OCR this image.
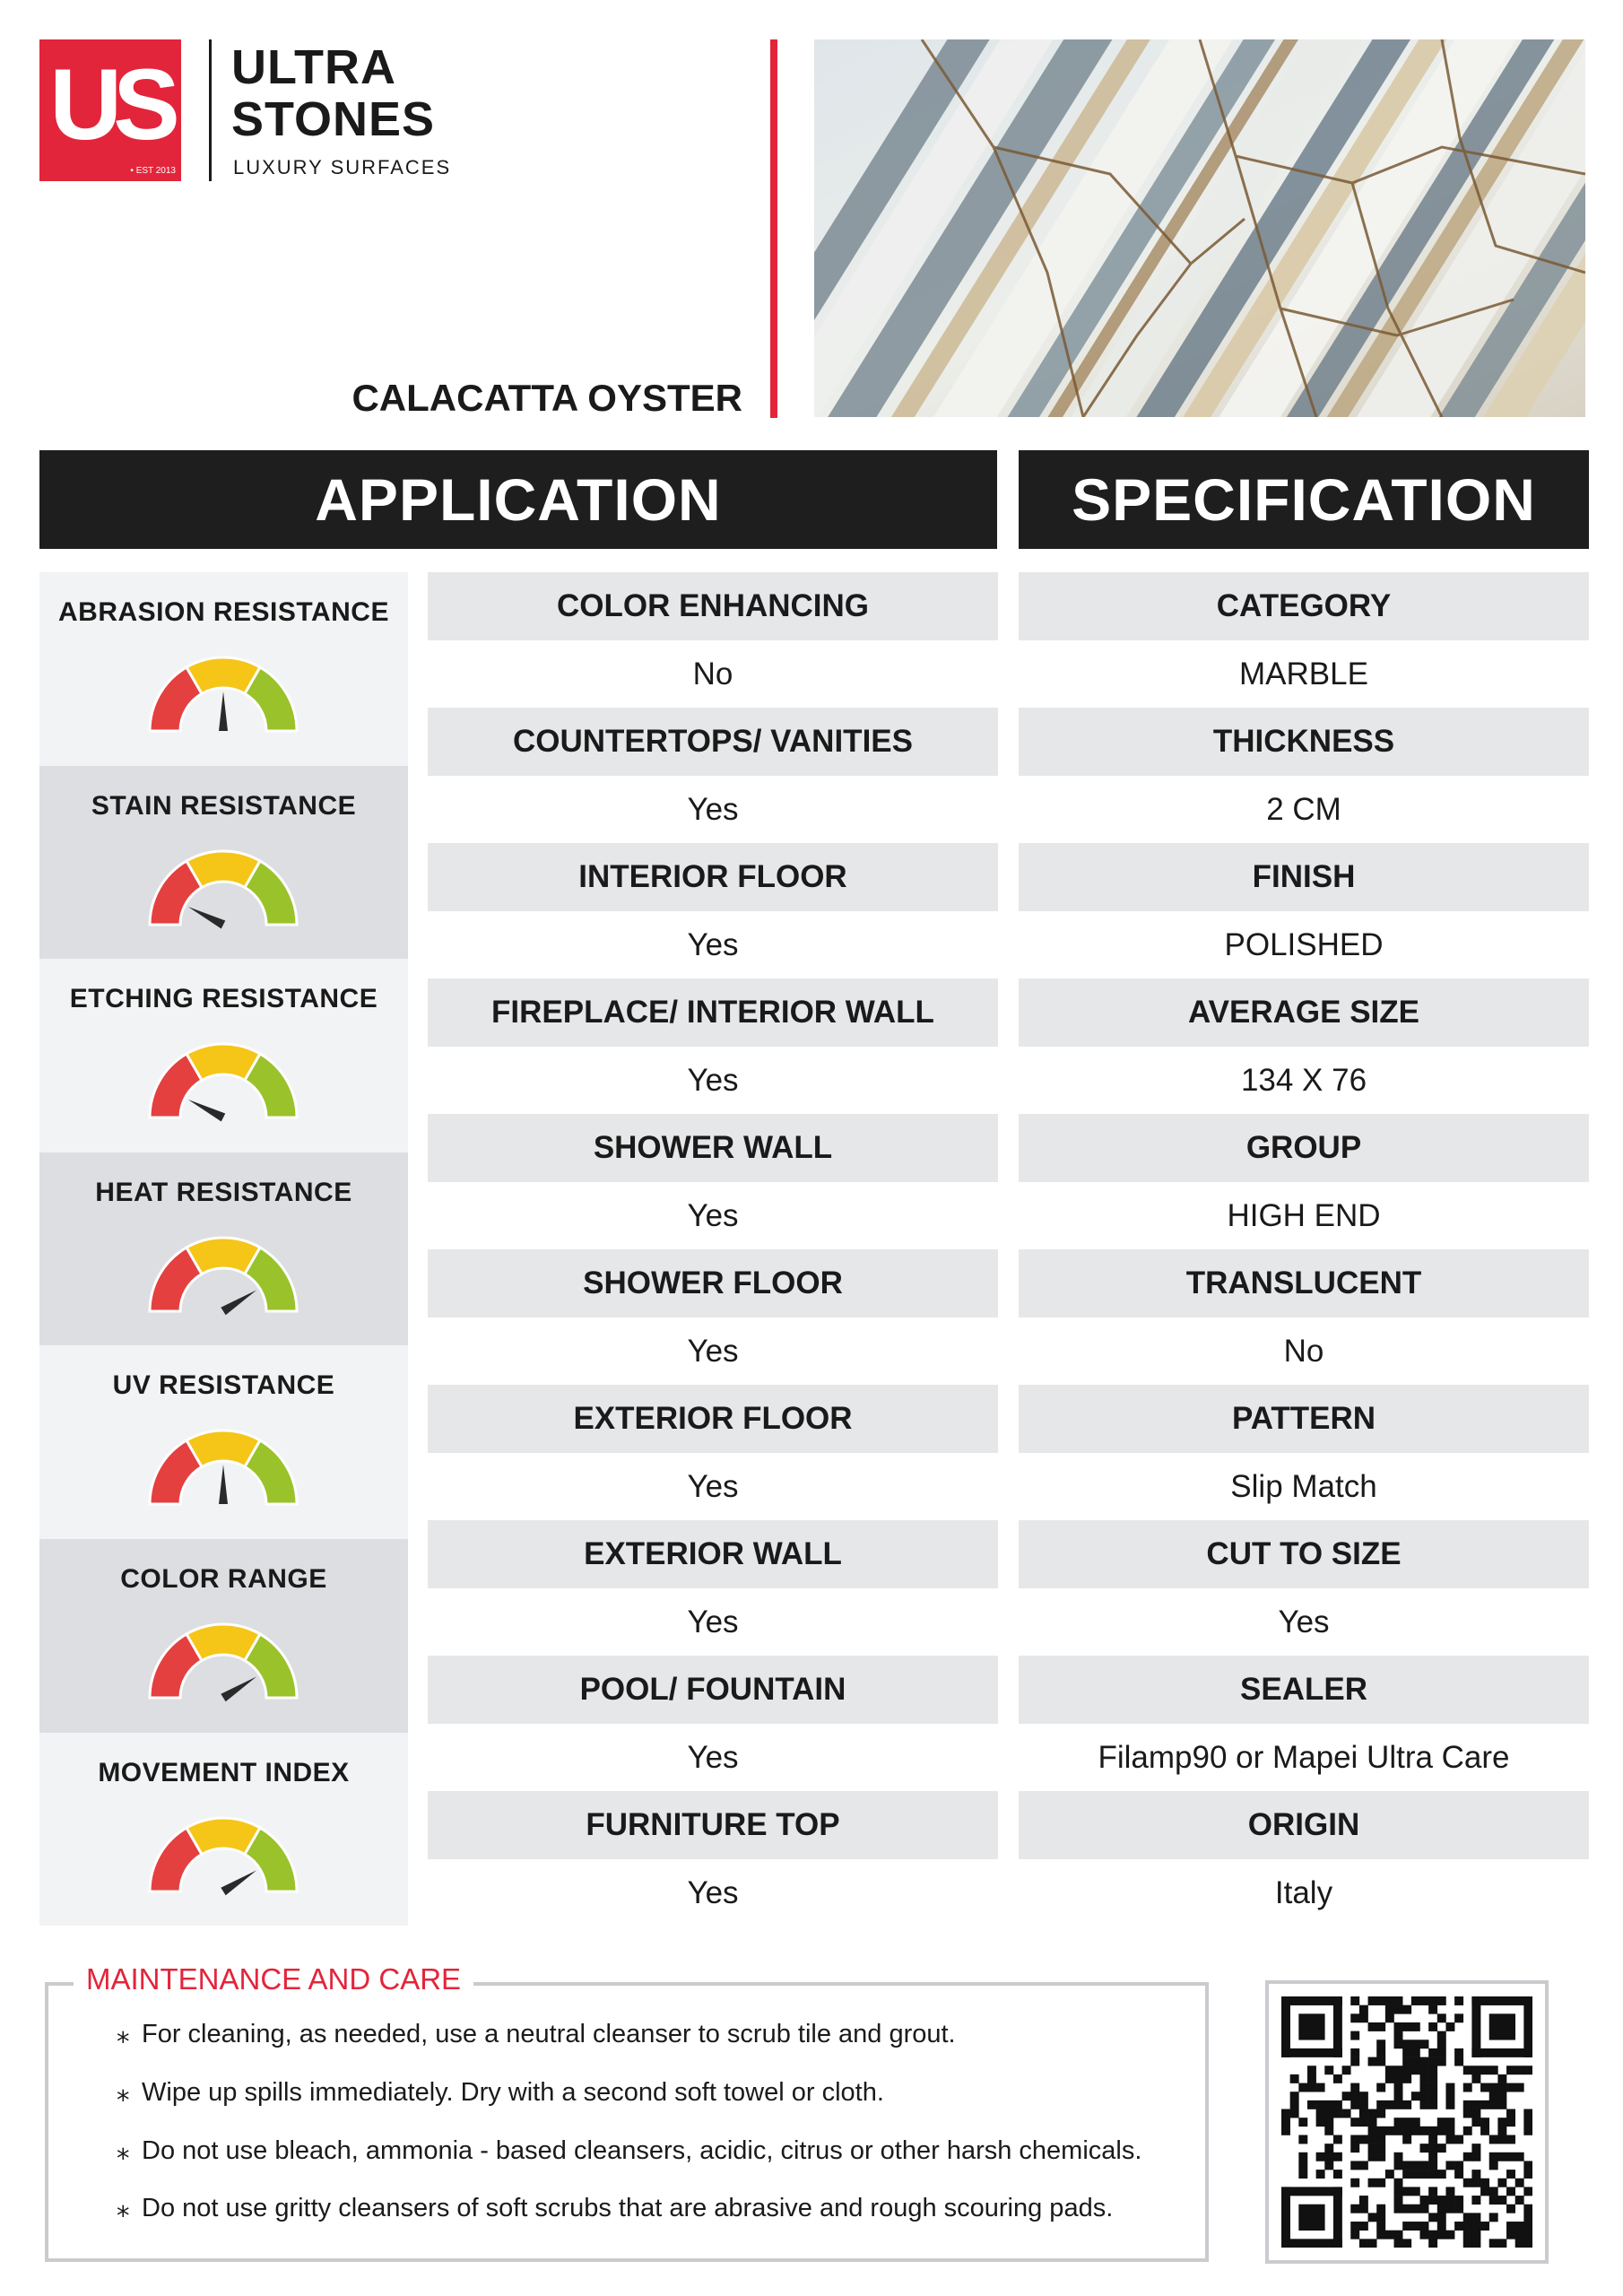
US
• EST 2013
ULTRA
STONES
LUXURY SURFACES
CALACATTA OYSTER
APPLICATION	SPECIFICATION
ABRASION RESISTANCE
STAIN RESISTANCE
ETCHING RESISTANCE
HEAT RESISTANCE
UV RESISTANCE
COLOR RANGE
MOVEMENT INDEX
COLOR ENHANCING
No
COUNTERTOPS/ VANITIES
Yes
INTERIOR FLOOR
Yes
FIREPLACE/ INTERIOR WALL
Yes
SHOWER WALL
Yes
SHOWER FLOOR
Yes
EXTERIOR FLOOR
Yes
EXTERIOR WALL
Yes
POOL/ FOUNTAIN
Yes
FURNITURE TOP
Yes
CATEGORY
MARBLE
THICKNESS
2 CM
FINISH
POLISHED
AVERAGE SIZE
134 X 76
GROUP
HIGH END
TRANSLUCENT
No
PATTERN
Slip Match
CUT TO SIZE
Yes
SEALER
Filamp90 or Mapei Ultra Care
ORIGIN
Italy
⁎ For cleaning, as needed, use a neutral cleanser to scrub tile and grout.
⁎ Wipe up spills immediately. Dry with a second soft towel or cloth.
⁎ Do not use bleach, ammonia - based cleansers, acidic, citrus or other harsh chemicals.
⁎ Do not use gritty cleansers of soft scrubs that are abrasive and rough scouring pads.
MAINTENANCE AND CARE
